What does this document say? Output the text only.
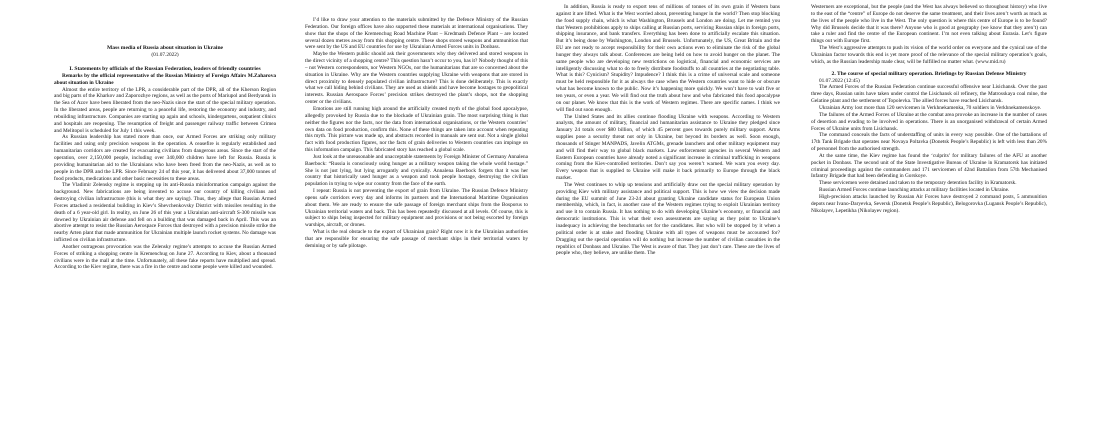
Mass media of Russia about situation in Ukraine

(01.07.2022)

I. Statements by officials of the Russian Federation, leaders of friendly countries

Remarks by the official representative of the Russian Ministry of Foreign Affairs M.Zaharova about situation in Ukraine

Almost the entire territory of the LPR, a considerable part of the DPR, all of the Kherson Region and big parts of the Kharkov and Zaporozhye regions, as well as the ports of Mariupol and Berdyansk in the Sea of Azov have been liberated from the neo-Nazis since the start of the special military operation. In the liberated areas, people are returning to a peaceful life, restoring the economy and industry, and rebuilding infrastructure. Companies are starting up again and schools, kindergartens, outpatient clinics and hospitals are reopening. The resumption of freight and passenger railway traffic between Crimea and Melitopol is scheduled for July 1 this week.

As Russian leadership has stated more than once, our Armed Forces are striking only military facilities and using only precision weapons in the operation. A ceasefire is regularly established and humanitarian corridors are created for evacuating civilians from dangerous areas. Since the start of the operation, over 2,150,000 people, including over 340,000 children have left for Russia. Russia is providing humanitarian aid to the Ukrainians who have been freed from the neo-Nazis, as well as to people in the DPR and the LPR. Since February 24 of this year, it has delivered about 37,000 tonnes of food products, medications and other basic necessities to these areas.

The Vladimir Zelensky regime is stepping up its anti-Russia misinformation campaign against the background. New fabrications are being invented to accuse our country of killing civilians and destroying civilian infrastructure (this is what they are saying). Thus, they allege that Russian Armed Forces attacked a residential building in Kiev’s Shevchenkovsky District with missiles resulting in the death of a 6 year-old girl. In reality, on June 26 of this year a Ukrainian anti-aircraft S-300 missile was downed by Ukrainian air defense and fell on a building that was damaged back in April. This was an abortive attempt to resist the Russian Aerospace Forces that destroyed with a precision missile strike the nearby Arten plant that made ammunition for Ukrainian multiple launch rocket systems. No damage was inflicted on civilian infrastructure.

Another outrageous provocation was the Zelensky regime’s attempts to accuse the Russian Armed Forces of striking a shopping centre in Kremenchug on June 27. According to Kiev, about a thousand civilians were in the mall at the time. Unfortunately, all these fake reports have multiplied and spread. According to the Kiev regime, there was a fire in the centre and some people were killed and wounded.

I’d like to draw your attention to the materials submitted by the Defence Ministry of the Russian Federation. Our foreign offices have also supported these materials at international organisations. They show that the shops of the Kremenchug Road Machine Plant – Kredmash Defence Plant – are located several dozen metres away from this shopping centre. These shops stored weapons and ammunition that were sent by the US and EU countries for use by Ukrainian Armed Forces units in Donbass.

Maybe the Western public should ask their governments why they delivered and stored weapons in the direct vicinity of a shopping centre? This question hasn’t occur to you, has it? Nobody thought of this – not Western correspondents, nor Western NGOs, nor the humanitarians that are so concerned about the situation in Ukraine. Why are the Western countries supplying Ukraine with weapons that are stored in direct proximity to densely populated civilian infrastructure? This is done deliberately. This is exactly what we call hiding behind civilians. They are used as shields and have become hostages to geopolitical interests. Russian Aerospace Forces’ precision strikes destroyed the plant’s shops, not the shopping center or the civilians.

Emotions are still running high around the artificially created myth of the global food apocalypse, allegedly provoked by Russia due to the blockade of Ukrainian grain. The most surprising thing is that neither the figures nor the facts, nor the data from international organisations, or the Western countries’ own data on food production, confirm this. None of these things are taken into account when repeating this myth. This picture was made up, and abstracts recorded in manuals are sent out. Not a single global fact with food production figures, nor the facts of grain deliveries to Western countries can impinge on this information campaign. This fabricated story has reached a global scale.

Just look at the unreasonable and unacceptable statements by Foreign Minister of Germany Annalena Baerbock: “Russia is consciously using hunger as a military weapon taking the whole world hostage.” She is not just lying, but lying arrogantly and cynically. Annalena Baerbock forgets that it was her country that historically used hunger as a weapon and took people hostage, destroying the civilian population in trying to wipe our country from the face of the earth.

I repeat: Russia is not preventing the export of grain from Ukraine. The Russian Defence Ministry opens safe corridors every day and informs its partners and the International Maritime Organisation about them. We are ready to ensure the safe passage of foreign merchant ships from the Bosporus to Ukrainian territorial waters and back. This has been repeatedly discussed at all levels. Of course, this is subject to ships being inspected for military equipment and provisions or not being escorted by foreign warships, aircraft, or drones.

What is the real obstacle to the export of Ukrainian grain? Right now it is the Ukrainian authorities that are responsible for ensuring the safe passage of merchant ships in their territorial waters by demining or by safe pilotage.

In addition, Russia is ready to export tens of millions of tonnes of its own grain if Western bans against it are lifted. What is the West worried about, preventing hunger in the world? Then stop blocking the food supply chain, which is what Washington, Brussels and London are doing. Let me remind you that Western prohibitions apply to ships calling at Russian ports, servicing Russian ships in foreign ports, shipping insurance, and bank transfers. Everything has been done to artificially escalate this situation. But it’s being done by Washington, London and Brussels. Unfortunately, the US, Great Britain and the EU are not ready to accept responsibility for their own actions even to eliminate the risk of the global hunger they always talk about. Conferences are being held on how to avoid hunger on the planet. The same people who are developing new restrictions on logistical, financial and economic services are intelligently discussing what to do to freely distribute foodstuffs to all countries at the negotiating table. What is this? Cynicism? Stupidity? Impudence? I think this is a crime of universal scale and someone must be held responsible for it as always the case when the Western countries want to hide or obscure what has become known to the public. Now it’s happening more quickly. We won’t have to wait five or ten years, or even a year. We will find out the truth about how and who fabricated this food apocalypse on our planet. We know that this is the work of Western regimes. There are specific names. I think we will find out soon enough.

The United States and its allies continue flooding Ukraine with weapons. According to Western analysts, the amount of military, financial and humanitarian assistance to Ukraine they pledged since January 24 totals over $80 billion, of which 45 percent goes towards purely military support. Arms supplies pose a security threat not only in Ukraine, but beyond its borders as well. Soon enough, thousands of Stinger MANPADS, Javelin ATGMs, grenade launchers and other military equipment may and will find their way to global black markets. Law enforcement agencies in several Western and Eastern European countries have already noted a significant increase in criminal trafficking in weapons coming from the Kiev-controlled territories. Don’t say you weren’t warned. We warn you every day. Every weapon that is supplied to Ukraine will make it back primarily to Europe through the black market.

The West continues to whip up tensions and artificially draw out the special military operation by providing Kiev with military assistance and political support. This is how we view the decision made during the EU summit of June 23-24 about granting Ukraine candidate status for European Union membership, which, in fact, is another case of the Western regimes trying to exploit Ukrainian territory and use it to contain Russia. It has nothing to do with developing Ukraine’s economy, or financial and democratic institutions. This is what their own assessments are saying as they point to Ukraine’s inadequacy in achieving the benchmarks set for the candidates. But who will be stopped by it when a political order is at stake and flooding Ukraine with all types of weapons must be accounted for? Dragging out the special operation will do nothing but increase the number of civilian casualties in the republics of Donbass and Ukraine. The West is aware of that. They just don’t care. These are the lives of people who, they believe, are unlike them. The

Westerners are exceptional, but the people (and the West has always believed so throughout history) who live to the east of the “centre” of Europe do not deserve the same treatment, and their lives aren’t worth as much as the lives of the people who live in the West. The only question is where this centre of Europe is to be found? Why did Brussels decide that it was there? Anyone who is good at geography (we know that they aren’t) can take a ruler and find the centre of the European continent. I’m not even talking about Eurasia. Let’s figure things out with Europe first.

The West’s aggressive attempts to push its vision of the world order on everyone and the cynical use of the Ukrainian factor towards this end is yet more proof of the relevance of the special military operation’s goals, which, as the Russian leadership made clear, will be fulfilled no matter what. (www.mid.ru)

2. The course of special military operation. Briefings by Russian Defense Ministry

01.07.2022 (12:45)

The Armed Forces of the Russian Federation continue successful offensive near Lisichansk. Over the past three days, Russian units have taken under control the Lisichansk oil refinery, the Matrosskaya coal mine, the Gelatine plant and the settlement of Topolevka. The allied forces have reached Lisichansk.

Ukrainian Army lost more than 120 servicemen in Verkhnekamenka, 70 soldiers in Verkhnekamenskoye.

The failures of the Armed Forces of Ukraine at the combat area provoke an increase in the number of cases of desertion and evading to be involved in operations. There is an unorganised withdrawal of certain Armed Forces of Ukraine units from Lisichansk.

The command conceals the facts of understaffing of units in every way possible. One of the battalions of 17th Tank Brigade that operates near Novaya Poltavka (Donetsk People’s Republic) is left with less than 20% of personnel from the authorised strength.

At the same time, the Kiev regime has found the ‘culprits’ for military failures of the AFU at another pocket in Donbass. The second unit of the State Investigative Bureau of Ukraine in Kramatorsk has initiated criminal proceedings against the commanders and 171 servicemen of 42nd Battalion from 57th Mechanised Infantry Brigade that had been defending in Gorskoye.

These servicemen were detained and taken to the temporary detention facility in Kramatorsk.

Russian Armed Forces continue launching attacks at military facilities located in Ukraine.

High-precision attacks launched by Russian Air Forces have destroyed 2 command posts, 5 ammunition depots near Ivano-Daryevka, Seversk (Donetsk People’s Republic), Belogorovka (Lugansk People’s Republic), Nikolayev, Lepetikha (Nikolayev region).
